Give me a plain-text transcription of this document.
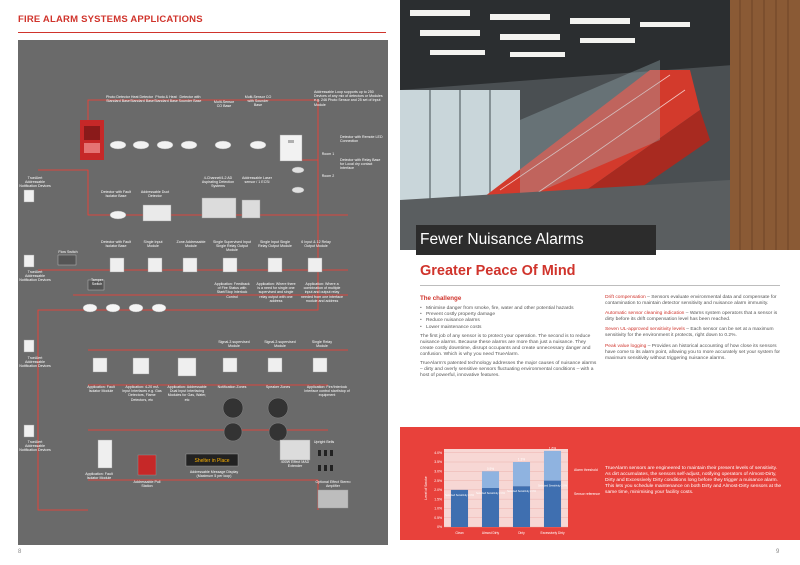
FIRE ALARM SYSTEMS APPLICATIONS
Shelter in Place
Photo Detector Standard Base
Heat Detector Standard Base
Photo & Heat Standard Base
Detector with Sounder Base	Multi-Sensor CO Base
Multi-Sensor CO with Sounder Base
Addressable Loop supports up to 250 Devices of any mix of detectors or Modules e.g. 246 Photo Sensor and 25 set of Input Module
Detector with Remote LED Connection
Detector with Relay Base for Local dry contact Interface
Room 1
Room 2
4-Channel/4-2 AD Aspirating Detection Systems
Addressable Laser sensor / 1 ECSi
Detector with Fault Isolator Base
Addressable Duct Detector
Detector with Fault Isolator Base
Single Input Module
Zone Addressable Module
Single Supervised Input Single Relay Output Module
Single Input Single Relay Output Module
6 Input & 12 Relay Output Module
Application: Feedback of Fire Status with Start/Stop Interlock Control
Application: Where there is a need for single one supervised and single relay output with one address
Application: Where a combination of multiple input and output relay needed from one interface module and address
Flow Switch
Tamper Switch
Signal-3 supervised Module
Signal-3 supervised Module
Single Relay Module
TrueAlert Addressable Notification Devices
TrueAlert Addressable Notification Devices
TrueAlert Addressable Notification Devices
TrueAlert Addressable Notification Devices
Application: Fault Isolator Module
Application: 4-20 mA Input Interfaces e.g. Gas Detectors, Flame Detectors, etc
Application: Addressable Dual Input Interfacing Modules for Gas, Water, etc
Notification Zones	Speaker Zones	Application: Fire/Interlock Interface control start/stop of equipment
Application: Fault Isolator Module
Addressable Pull Station
Addressable Message Display (Maximum 5 per loop)
400W Effect MAD Extender
Optional Effect Stereo Amplifier
Upright Bells
8
Fewer Nuisance Alarms
Greater Peace Of Mind
The challenge
• Minimise danger from smoke, fire, water and other potential hazards
• Prevent costly property damage
• Reduce nuisance alarms
• Lower maintenance costs

The first job of any sensor is to protect your operation. The second is to reduce nuisance alarms. Because these alarms are more than just a nuisance. They create costly downtime, disrupt occupants and create unnecessary danger and confusion. Which is why you need TrueAlarm.

TrueAlarm's patented technology addresses the major causes of nuisance alarms – dirty and overly sensitive sensors fluctuating environmental conditions – with a host of powerful, innovative features.

Drift compensation – Sensors evaluate environmental data and compensate for contamination to maintain detector sensitivity and nuisance alarm immunity.

Automatic sensor cleaning indication – Warns system operators that a sensor is dirty before its drift compensation level has been reached.

Seven UL-approved sensitivity levels – Each sensor can be set at a maximum sensitivity for the environment it protects, right down to 0.2%.

Peak value logging – Provides an historical accounting of how close its sensors have come to its alarm point, allowing you to more accurately set your system for maximum sensitivity without triggering nuisance alarms.

0%
0.5%
1.0%
1.5%
2.0%
2.5%
3.0%
3.5%
4.0%
Level of Smoke	Selected Sensitivity 2.0%
Clean
0.9%
Selected Sensitivity 2.0%
Almost Dirty
1.3%
Selected Sensitivity 2.0%
Dirty
1.6%
Selected Sensitivity 2.0%
Excessively Dirty
Alarm threshold
Sensor reference
TrueAlarm sensors are engineered to maintain their present levels of sensitivity. As dirt accumulates, the sensors self-adjust, notifying operators of Almost-Dirty, Dirty and Excessively Dirty conditions long before they trigger a nuisance alarm. This lets you schedule maintenance on both Dirty and Almost-Dirty sensors at the same time, minimising your facility costs.
9
